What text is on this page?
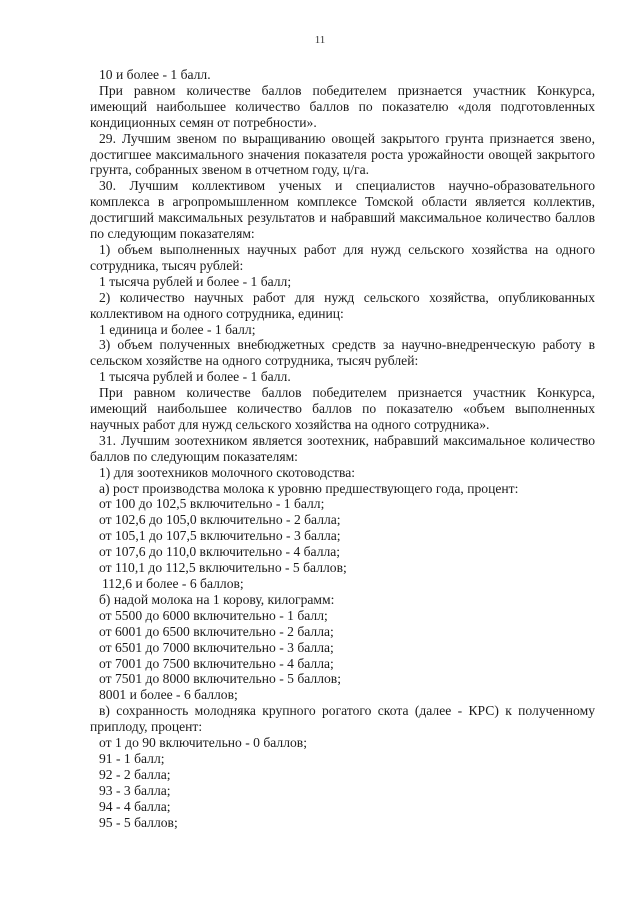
11

10 и более - 1 балл.

При равном количестве баллов победителем признается участник Конкурса, имеющий наибольшее количество баллов по показателю «доля подготовленных кондиционных семян от потребности».

29. Лучшим звеном по выращиванию овощей закрытого грунта признается звено, достигшее максимального значения показателя роста урожайности овощей закрытого грунта, собранных звеном в отчетном году, ц/га.

30. Лучшим коллективом ученых и специалистов научно-образовательного комплекса в агропромышленном комплексе Томской области является коллектив, достигший максимальных результатов и набравший максимальное количество баллов по следующим показателям:

1) объем выполненных научных работ для нужд сельского хозяйства на одного сотрудника, тысяч рублей:

1 тысяча рублей и более - 1 балл;

2) количество научных работ для нужд сельского хозяйства, опубликованных коллективом на одного сотрудника, единиц:

1 единица и более - 1 балл;

3) объем полученных внебюджетных средств за научно-внедренческую работу в сельском хозяйстве на одного сотрудника, тысяч рублей:

1 тысяча рублей и более - 1 балл.

При равном количестве баллов победителем признается участник Конкурса, имеющий наибольшее количество баллов по показателю «объем выполненных научных работ для нужд сельского хозяйства на одного сотрудника».

31. Лучшим зоотехником является зоотехник, набравший максимальное количество баллов по следующим показателям:

1) для зоотехников молочного скотоводства:

а) рост производства молока к уровню предшествующего года, процент:

от 100 до 102,5 включительно - 1 балл;

от 102,6 до 105,0 включительно - 2 балла;

от 105,1 до 107,5 включительно - 3 балла;

от 107,6 до 110,0 включительно - 4 балла;

от 110,1 до 112,5 включительно - 5 баллов;

112,6 и более - 6 баллов;

б) надой молока на 1 корову, килограмм:

от 5500 до 6000 включительно - 1 балл;

от 6001 до 6500 включительно - 2 балла;

от 6501 до 7000 включительно - 3 балла;

от 7001 до 7500 включительно - 4 балла;

от 7501 до 8000 включительно - 5 баллов;

8001 и более - 6 баллов;

в) сохранность молодняка крупного рогатого скота (далее - КРС) к полученному приплоду, процент:

от 1 до 90 включительно - 0 баллов;

91 - 1 балл;

92 - 2 балла;

93 - 3 балла;

94 - 4 балла;

95 - 5 баллов;
